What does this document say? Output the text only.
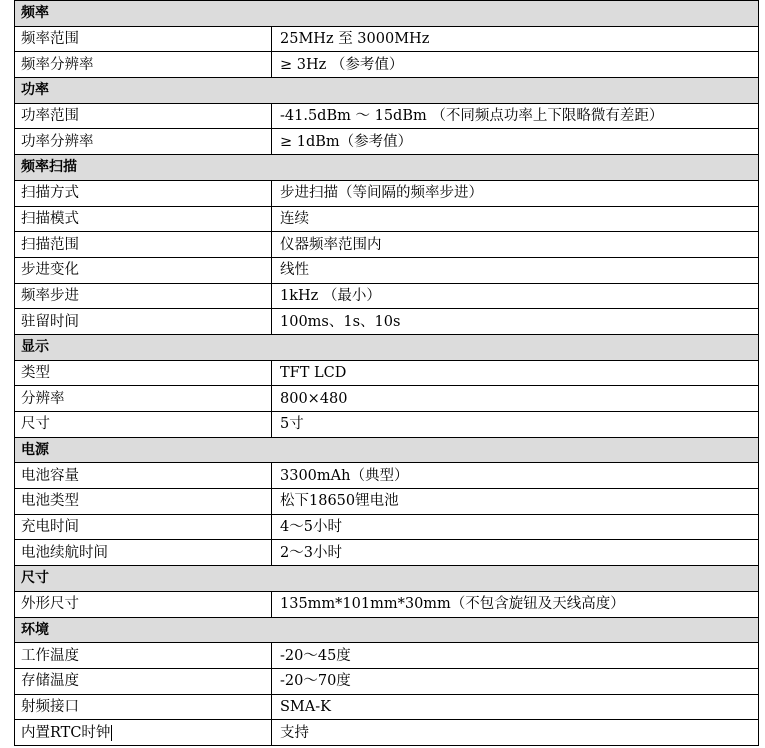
频率	
频率范围	25MHz 至 3000MHz
频率分辨率	≥ 3Hz （参考值）
功率	
功率范围	-41.5dBm ～ 15dBm （不同频点功率上下限略微有差距）
功率分辨率	≥ 1dBm（参考值）
频率扫描	
扫描方式	步进扫描（等间隔的频率步进）
扫描模式	连续
扫描范围	仪器频率范围内
步进变化	线性
频率步进	1kHz （最小）
驻留时间	100ms、1s、10s
显示	
类型	TFT LCD
分辨率	800×480
尺寸	5寸
电源	
电池容量	3300mAh（典型）
电池类型	松下18650锂电池
充电时间	4～5小时
电池续航时间	2～3小时
尺寸	
外形尺寸	135mm*101mm*30mm（不包含旋钮及天线高度）
环境	
工作温度	-20～45度
存储温度	-20～70度
射频接口	SMA-K
内置RTC时钟	支持
